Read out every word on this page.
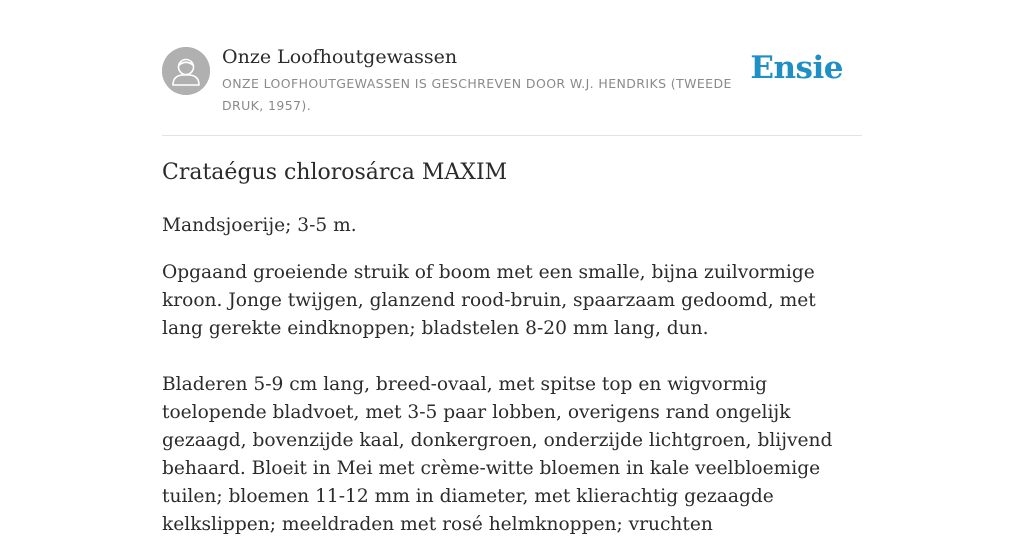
Onze Loofhoutgewassen
ONZE LOOFHOUTGEWASSEN IS GESCHREVEN DOOR W.J. HENDRIKS (TWEEDE DRUK, 1957).
Ensie
Crataégus chlorosárca MAXIM

Mandsjoerije; 3-5 m.

Opgaand groeiende struik of boom met een smalle, bijna zuilvormige kroon. Jonge twijgen, glanzend rood-bruin, spaarzaam gedoomd, met lang gerekte eindknoppen; bladstelen 8-20 mm lang, dun.

Bladeren 5-9 cm lang, breed-ovaal, met spitse top en wigvormig toelopende bladvoet, met 3-5 paar lobben, overigens rand ongelijk gezaagd, bovenzijde kaal, donkergroen, onderzijde lichtgroen, blijvend behaard. Bloeit in Mei met crème-witte bloemen in kale veelbloemige tuilen; bloemen 11-12 mm in diameter, met klierachtig gezaagde kelkslippen; meeldraden met rosé helmknoppen; vruchten
